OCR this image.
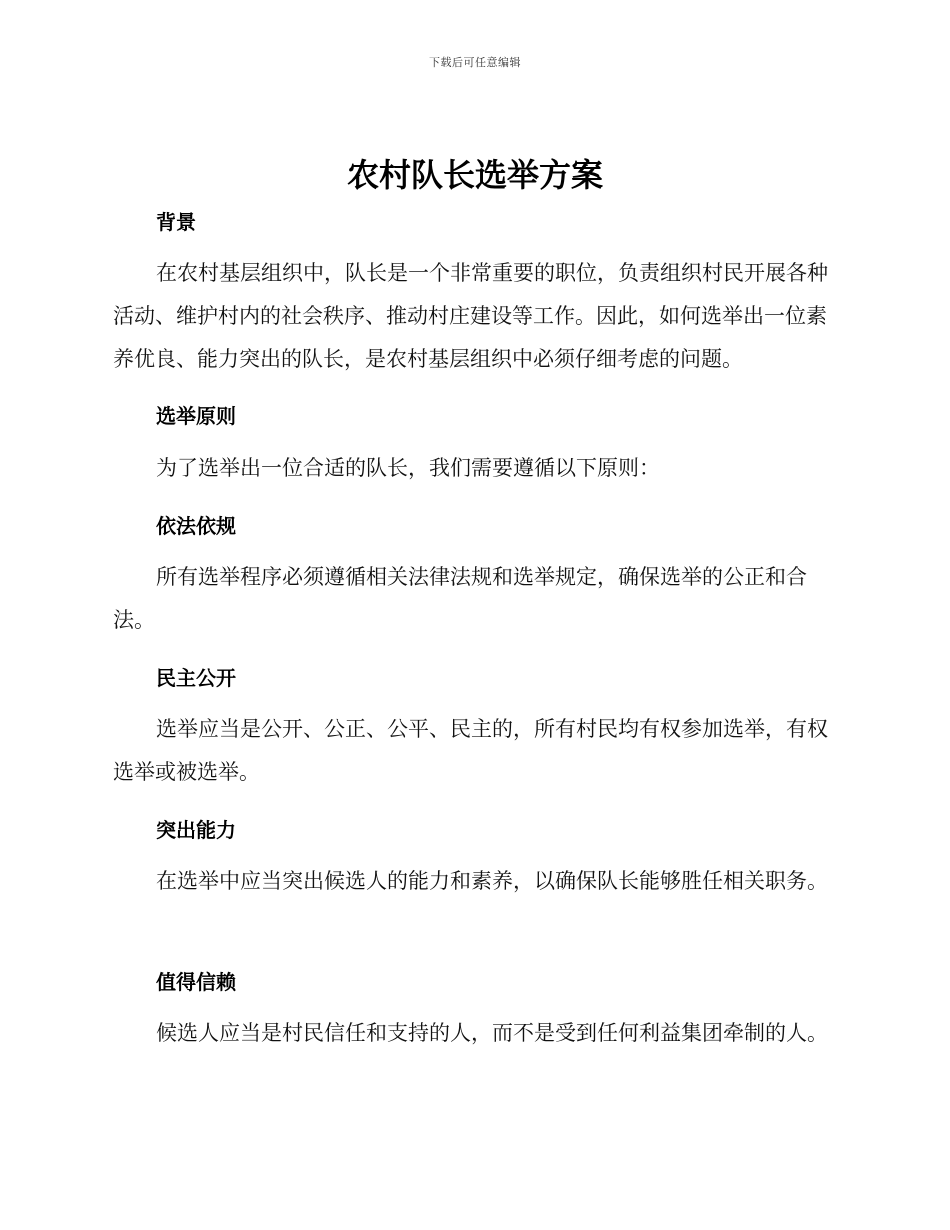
下载后可任意编辑
农村队长选举方案
背景

在农村基层组织中，队长是一个非常重要的职位，负责组织村民开展各种活动、维护村内的社会秩序、推动村庄建设等工作。因此，如何选举出一位素养优良、能力突出的队长，是农村基层组织中必须仔细考虑的问题。

选举原则

为了选举出一位合适的队长，我们需要遵循以下原则：

依法依规

所有选举程序必须遵循相关法律法规和选举规定，确保选举的公正和合法。

民主公开

选举应当是公开、公正、公平、民主的，所有村民均有权参加选举，有权选举或被选举。

突出能力

在选举中应当突出候选人的能力和素养，以确保队长能够胜任相关职务。

值得信赖

候选人应当是村民信任和支持的人，而不是受到任何利益集团牵制的人。
